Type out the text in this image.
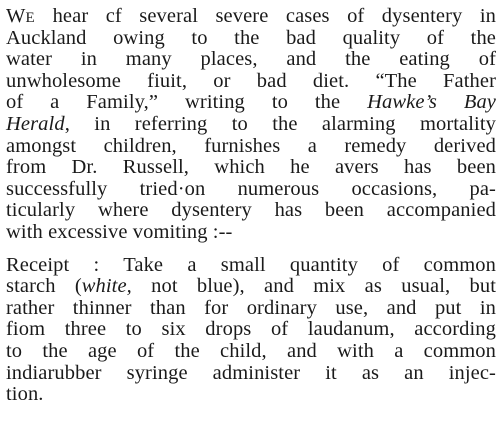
WE hear cf several severe cases of dysentery in
Auckland owing to the bad quality of the
water in many places, and the eating of
unwholesome fiuit, or bad diet. “The Father
of a Family,” writing to the Hawke’s Bay
Herald, in referring to the alarming mortality
amongst children, furnishes a remedy derived
from Dr. Russell, which he avers has been
successfully tried·on numerous occasions, pa-
ticularly where dysentery has been accompanied
with excessive vomiting :--

Receipt : Take a small quantity of common
starch (white, not blue), and mix as usual, but
rather thinner than for ordinary use, and put in
fiom three to six drops of laudanum, according
to the age of the child, and with a common
indiarubber syringe administer it as an injec-
tion.
